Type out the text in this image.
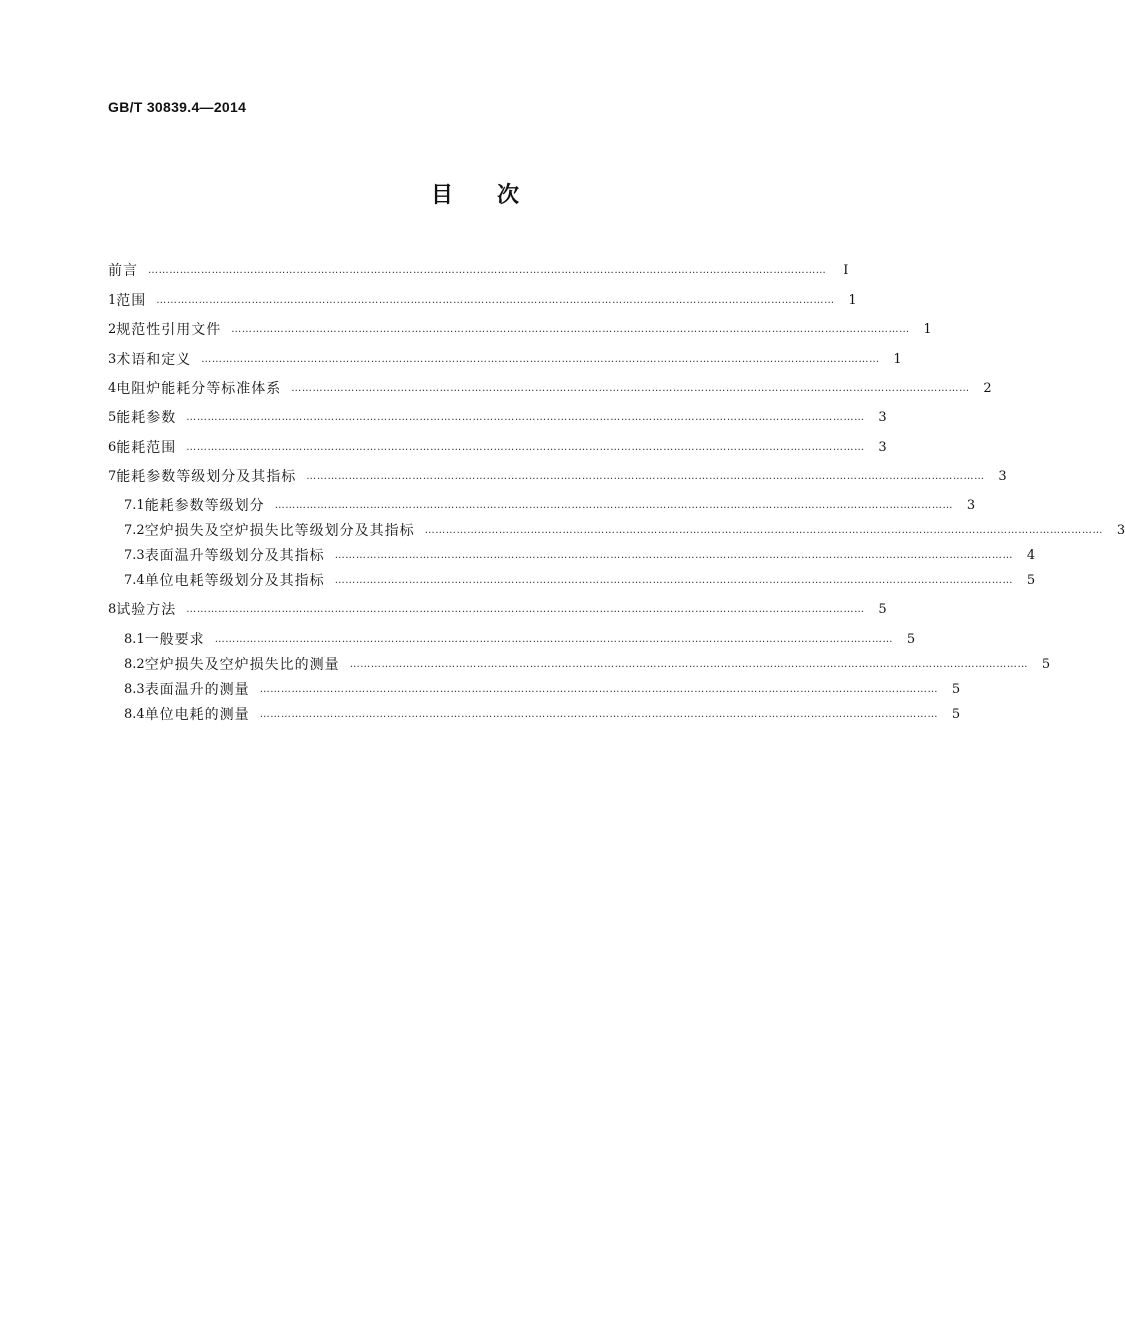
GB/T 30839.4—2014
目次
前言 …………………………………………………………………………………………………………………………………………………………………………	Ⅰ
1 范围 …………………………………………………………………………………………………………………………………………………………………………	1
2 规范性引用文件 …………………………………………………………………………………………………………………………………………………………………………	1
3 术语和定义 …………………………………………………………………………………………………………………………………………………………………………	1
4 电阻炉能耗分等标准体系 …………………………………………………………………………………………………………………………………………………………………………	2
5 能耗参数 …………………………………………………………………………………………………………………………………………………………………………	3
6 能耗范围 …………………………………………………………………………………………………………………………………………………………………………	3
7 能耗参数等级划分及其指标 …………………………………………………………………………………………………………………………………………………………………………	3
7.1 能耗参数等级划分 …………………………………………………………………………………………………………………………………………………………………………	3
7.2 空炉损失及空炉损失比等级划分及其指标 …………………………………………………………………………………………………………………………………………………………………………	3
7.3 表面温升等级划分及其指标 …………………………………………………………………………………………………………………………………………………………………………	4
7.4 单位电耗等级划分及其指标 …………………………………………………………………………………………………………………………………………………………………………	5
8 试验方法 …………………………………………………………………………………………………………………………………………………………………………	5
8.1 一般要求 …………………………………………………………………………………………………………………………………………………………………………	5
8.2 空炉损失及空炉损失比的测量 …………………………………………………………………………………………………………………………………………………………………………	5
8.3 表面温升的测量 …………………………………………………………………………………………………………………………………………………………………………	5
8.4 单位电耗的测量 …………………………………………………………………………………………………………………………………………………………………………	5
